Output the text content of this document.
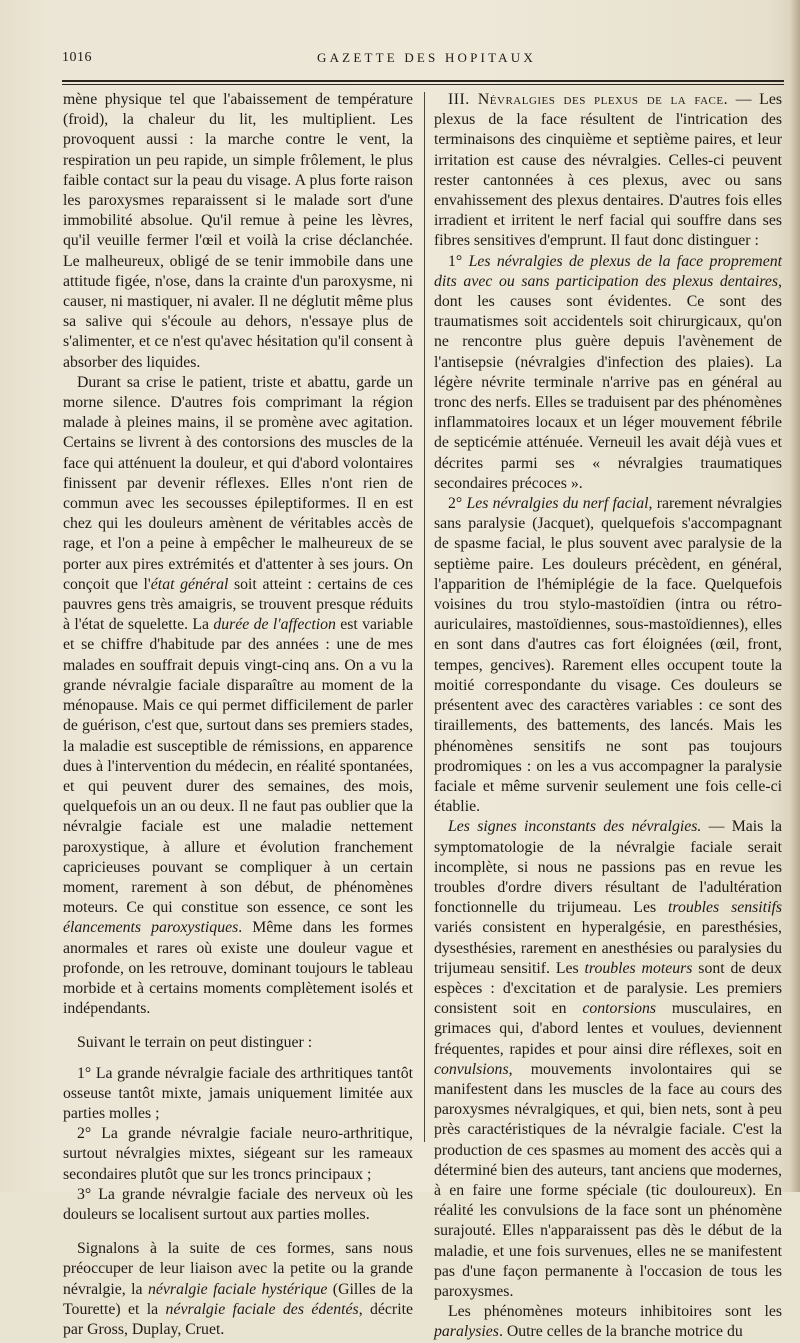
1016	GAZETTE DES HOPITAUX

mène physique tel que l'abaissement de température (froid), la chaleur du lit, les multiplient. Les provoquent aussi : la marche contre le vent, la respiration un peu rapide, un simple frôlement, le plus faible contact sur la peau du visage. A plus forte raison les paroxysmes reparaissent si le malade sort d'une immobilité absolue. Qu'il remue à peine les lèvres, qu'il veuille fermer l'œil et voilà la crise déclanchée. Le malheureux, obligé de se tenir immobile dans une attitude figée, n'ose, dans la crainte d'un paroxysme, ni causer, ni mastiquer, ni avaler. Il ne déglutit même plus sa salive qui s'écoule au dehors, n'essaye plus de s'alimenter, et ce n'est qu'avec hésitation qu'il consent à absorber des liquides.

Durant sa crise le patient, triste et abattu, garde un morne silence. D'autres fois comprimant la région malade à pleines mains, il se promène avec agitation. Certains se livrent à des contorsions des muscles de la face qui atténuent la douleur, et qui d'abord volontaires finissent par devenir réflexes. Elles n'ont rien de commun avec les secousses épileptiformes. Il en est chez qui les douleurs amènent de véritables accès de rage, et l'on a peine à empêcher le malheureux de se porter aux pires extrémités et d'attenter à ses jours. On conçoit que l'état général soit atteint : certains de ces pauvres gens très amaigris, se trouvent presque réduits à l'état de squelette. La durée de l'affection est variable et se chiffre d'habitude par des années : une de mes malades en souffrait depuis vingt-cinq ans. On a vu la grande névralgie faciale disparaître au moment de la ménopause. Mais ce qui permet difficilement de parler de guérison, c'est que, surtout dans ses premiers stades, la maladie est susceptible de rémissions, en apparence dues à l'intervention du médecin, en réalité spontanées, et qui peuvent durer des semaines, des mois, quelquefois un an ou deux. Il ne faut pas oublier que la névralgie faciale est une maladie nettement paroxystique, à allure et évolution franchement capricieuses pouvant se compliquer à un certain moment, rarement à son début, de phénomènes moteurs. Ce qui constitue son essence, ce sont les élancements paroxystiques. Même dans les formes anormales et rares où existe une douleur vague et profonde, on les retrouve, dominant toujours le tableau morbide et à certains moments complètement isolés et indépendants.

Suivant le terrain on peut distinguer :

1° La grande névralgie faciale des arthritiques tantôt osseuse tantôt mixte, jamais uniquement limitée aux parties molles ;

2° La grande névralgie faciale neuro-arthritique, surtout névralgies mixtes, siégeant sur les rameaux secondaires plutôt que sur les troncs principaux ;

3° La grande névralgie faciale des nerveux où les douleurs se localisent surtout aux parties molles.

Signalons à la suite de ces formes, sans nous préoccuper de leur liaison avec la petite ou la grande névralgie, la névralgie faciale hystérique (Gilles de la Tourette) et la névralgie faciale des édentés, décrite par Gross, Duplay, Cruet.

III. Névralgies des plexus de la face. — Les plexus de la face résultent de l'intrication des terminaisons des cinquième et septième paires, et leur irritation est cause des névralgies. Celles-ci peuvent rester cantonnées à ces plexus, avec ou sans envahissement des plexus dentaires. D'autres fois elles irradient et irritent le nerf facial qui souffre dans ses fibres sensitives d'emprunt. Il faut donc distinguer :

1° Les névralgies de plexus de la face proprement dits avec ou sans participation des plexus dentaires, dont les causes sont évidentes. Ce sont des traumatismes soit accidentels soit chirurgicaux, qu'on ne rencontre plus guère depuis l'avènement de l'antisepsie (névralgies d'infection des plaies). La légère névrite terminale n'arrive pas en général au tronc des nerfs. Elles se traduisent par des phénomènes inflammatoires locaux et un léger mouvement fébrile de septicémie atténuée. Verneuil les avait déjà vues et décrites parmi ses « névralgies traumatiques secondaires précoces ».

2° Les névralgies du nerf facial, rarement névralgies sans paralysie (Jacquet), quelquefois s'accompagnant de spasme facial, le plus souvent avec paralysie de la septième paire. Les douleurs précèdent, en général, l'apparition de l'hémiplégie de la face. Quelquefois voisines du trou stylo-mastoïdien (intra ou rétro-auriculaires, mastoïdiennes, sous-mastoïdiennes), elles en sont dans d'autres cas fort éloignées (œil, front, tempes, gencives). Rarement elles occupent toute la moitié correspondante du visage. Ces douleurs se présentent avec des caractères variables : ce sont des tiraillements, des battements, des lancés. Mais les phénomènes sensitifs ne sont pas toujours prodromiques : on les a vus accompagner la paralysie faciale et même survenir seulement une fois celle-ci établie.

Les signes inconstants des névralgies. — Mais la symptomatologie de la névralgie faciale serait incomplète, si nous ne passions pas en revue les troubles d'ordre divers résultant de l'adultération fonctionnelle du trijumeau. Les troubles sensitifs variés consistent en hyperalgésie, en paresthésies, dysesthésies, rarement en anesthésies ou paralysies du trijumeau sensitif. Les troubles moteurs sont de deux espèces : d'excitation et de paralysie. Les premiers consistent soit en contorsions musculaires, en grimaces qui, d'abord lentes et voulues, deviennent fréquentes, rapides et pour ainsi dire réflexes, soit en convulsions, mouvements involontaires qui se manifestent dans les muscles de la face au cours des paroxysmes névralgiques, et qui, bien nets, sont à peu près caractéristiques de la névralgie faciale. C'est la production de ces spasmes au moment des accès qui a déterminé bien des auteurs, tant anciens que modernes, à en faire une forme spéciale (tic douloureux). En réalité les convulsions de la face sont un phénomène surajouté. Elles n'apparaissent pas dès le début de la maladie, et une fois survenues, elles ne se manifestent pas d'une façon permanente à l'occasion de tous les paroxysmes.

Les phénomènes moteurs inhibitoires sont les paralysies. Outre celles de la branche motrice du
